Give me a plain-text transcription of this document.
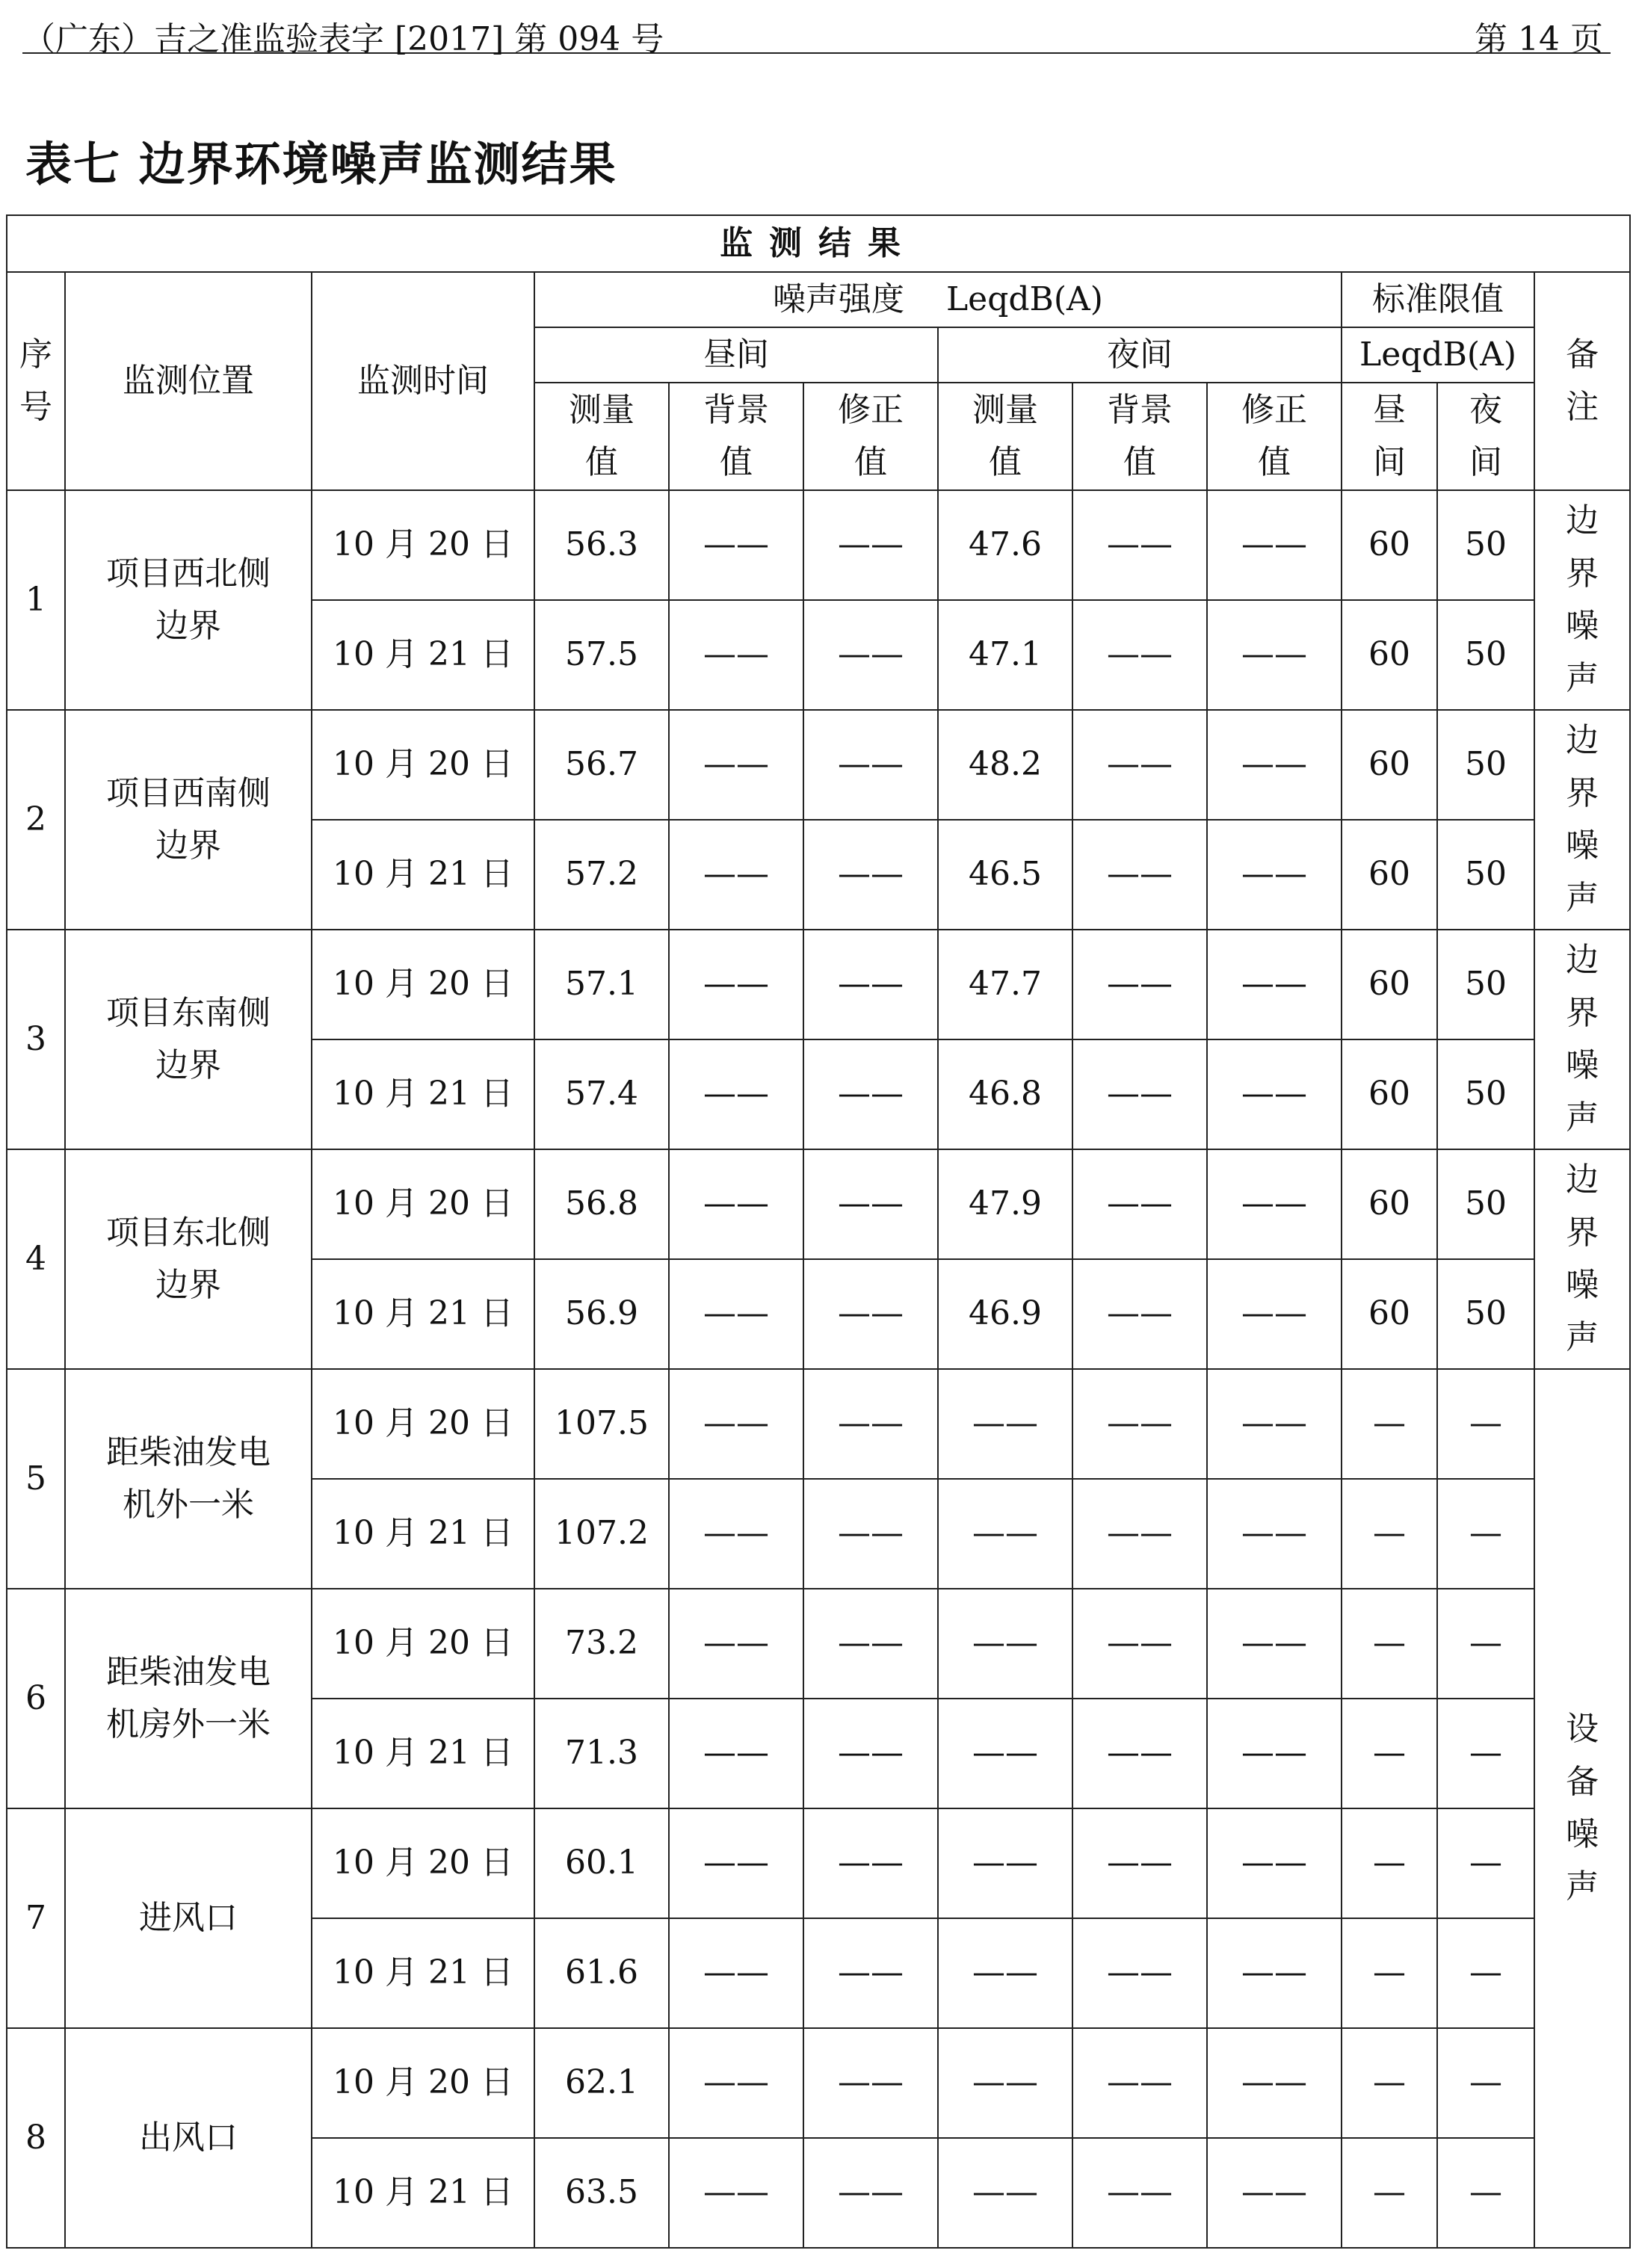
（广东）吉之准监验表字 [2017] 第 094 号	第 14 页
表七 边界环境噪声监测结果
监测结果											
序号	监测位置	监测时间	噪声强度    LeqdB(A)						标准限值		备注
			昼间			夜间			LeqdB(A)		
			测量值	背景值	修正值	测量值	背景值	修正值	昼间	夜间	
1	项目西北侧边界	10 月 20 日	56.3	——	——	47.6	——	——	60	50	边界噪声
		10 月 21 日	57.5	——	——	47.1	——	——	60	50	
2	项目西南侧边界	10 月 20 日	56.7	——	——	48.2	——	——	60	50	边界噪声
		10 月 21 日	57.2	——	——	46.5	——	——	60	50	
3	项目东南侧边界	10 月 20 日	57.1	——	——	47.7	——	——	60	50	边界噪声
		10 月 21 日	57.4	——	——	46.8	——	——	60	50	
4	项目东北侧边界	10 月 20 日	56.8	——	——	47.9	——	——	60	50	边界噪声
		10 月 21 日	56.9	——	——	46.9	——	——	60	50	
5	距柴油发电机外一米	10 月 20 日	107.5	——	——	——	——	——	—	—	设备噪声
		10 月 21 日	107.2	——	——	——	——	——	—	—	
6	距柴油发电机房外一米	10 月 20 日	73.2	——	——	——	——	——	—	—	
		10 月 21 日	71.3	——	——	——	——	——	—	—	
7	进风口	10 月 20 日	60.1	——	——	——	——	——	—	—	
		10 月 21 日	61.6	——	——	——	——	——	—	—	
8	出风口	10 月 20 日	62.1	——	——	——	——	——	—	—	
		10 月 21 日	63.5	——	——	——	——	——	—	—	
